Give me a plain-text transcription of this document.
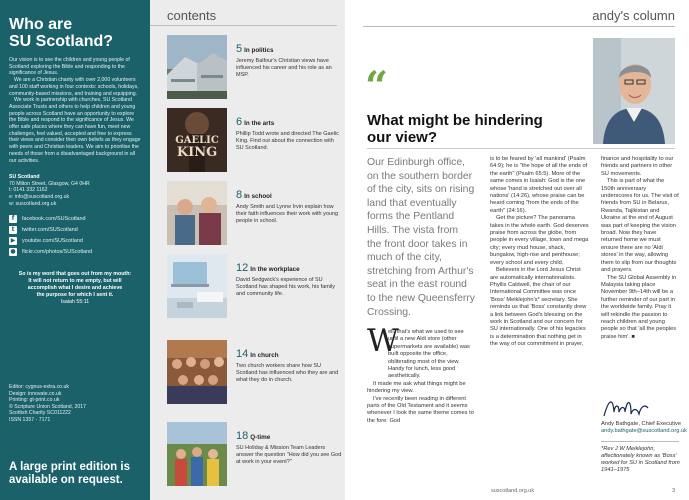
Who are
SU Scotland?

Our vision is to see the children and young people of Scotland exploring the Bible and responding to the significance of Jesus.

We are a Christian charity with over 2,000 volunteers and 100 staff working in four contexts: schools, holidays, community-based missions, and training and equipping.

We work in partnership with churches, SU Scotland Associate Trusts and others to help children and young people across Scotland have an opportunity to explore the Bible and respond to the significance of Jesus. We offer safe places where they can have fun, meet new challenges, feel valued, accepted and free to express their views and consider their own beliefs as they engage with peers and Christian leaders. We aim to prioritise the needs of those from a disadvantaged background in all our activities.

SU Scotland
70 Milton Street, Glasgow, G4 0HR
t: 0141 332 1162
e: info@suscotland.org.uk
w: suscotland.org.uk
f	facebook.com/SUScotland
t	twitter.com/SUScotland
▶	youtube.com/SUScotland
● flickr.com/photos/SUScotland
So is my word that goes out from my mouth:
It will not return to me empty, but will
accomplish what I desire and achieve
the purpose for which I sent it.
Isaiah 55:11
Editor: cygnus-extra.co.uk
Design: innovate.co.uk
Printing: gt-print.co.uk
© Scripture Union Scotland, 2017
Scottish Charity SC011222
ISSN 1357 - 7171
A large print edition is
available on request.
contents
5 In politics
Jeremy Balfour's Christian views have influenced his career and his role as an MSP.
GAELIC
KING
6 In the arts
Phillip Todd wrote and directed The Gaelic King. Find out about the connection with SU Scotland.
8 In school
Andy Smith and Lynne Irvin explain how their faith influences their work with young people in school.
12 In the workplace
David Sedgwick's experience of SU Scotland has shaped his work, his family and community life.
14 In church
Two church workers share how SU Scotland has influenced who they are and what they do in church.
18 Q-time
SU Holiday & Mission Team Leaders answer the question "How did you see God at work in your event?"
andy's column
“
What might be hindering our view?
Our Edinburgh office, on the southern border of the city, sits on rising land that eventually forms the Pentland Hills. The vista from the front door takes in much of the city, stretching from Arthur's seat in the east round to the new Queensferry Crossing.

W
ell, that's what we used to see until a new Aldi store (other supermarkets are available) was built opposite the office, obliterating most of the view. Handy for lunch, less good aesthetically.

It made me ask what things might be hindering my view.

I've recently been reading in different parts of the Old Testament and it seems whenever I look the same theme comes to the fore: God

is to be feared by 'all mankind' (Psalm 64:9); he is "the hope of all the ends of the earth" (Psalm 65:5). More of the same comes in Isaiah: God is the one whose 'hand is stretched out over all nations' (14:26), whose praise can be heard coming "from the ends of the earth" (24:16).

Get the picture? The panorama takes in the whole earth. God deserves praise from across the globe, from people in every village, town and mega city; every mud house, shack, bungalow, high-rise and penthouse; every school and every child.

Believers in the Lord Jesus Christ are automatically internationalists. Phyllis Caldwell, the chair of our International Committee was once 'Boss' Meiklejohn's* secretary. She reminds us that 'Boss' constantly drew a link between God's blessing on the work in Scotland and our concern for SU internationally. One of his legacies is a determination that nothing get in the way of our commitment in prayer,

finance and hospitality to our friends and partners in other SU movements.

This is part of what the 150th anniversary underscores for us. The visit of friends from SU in Belarus, Rwanda, Tajikistan and Ukraine at the end of August was part of keeping the vision broad. Now they have returned home we must ensure there are no 'Aldi stores' in the way, allowing them to slip from our thoughts and prayers.

The SU Global Assembly in Malaysia taking place November 9th–14th will be a further reminder of our part in the worldwide family. Pray it will rekindle the passion to reach children and young people so that 'all the peoples praise him'. ■

Andy Bathgate, Chief Executive
andy.bathgate@suscotland.org.uk
*Rev J W Meiklejohn, affectionately known as 'Boss' worked for SU in Scotland from 1941–1975
suscotland.org.uk	3
